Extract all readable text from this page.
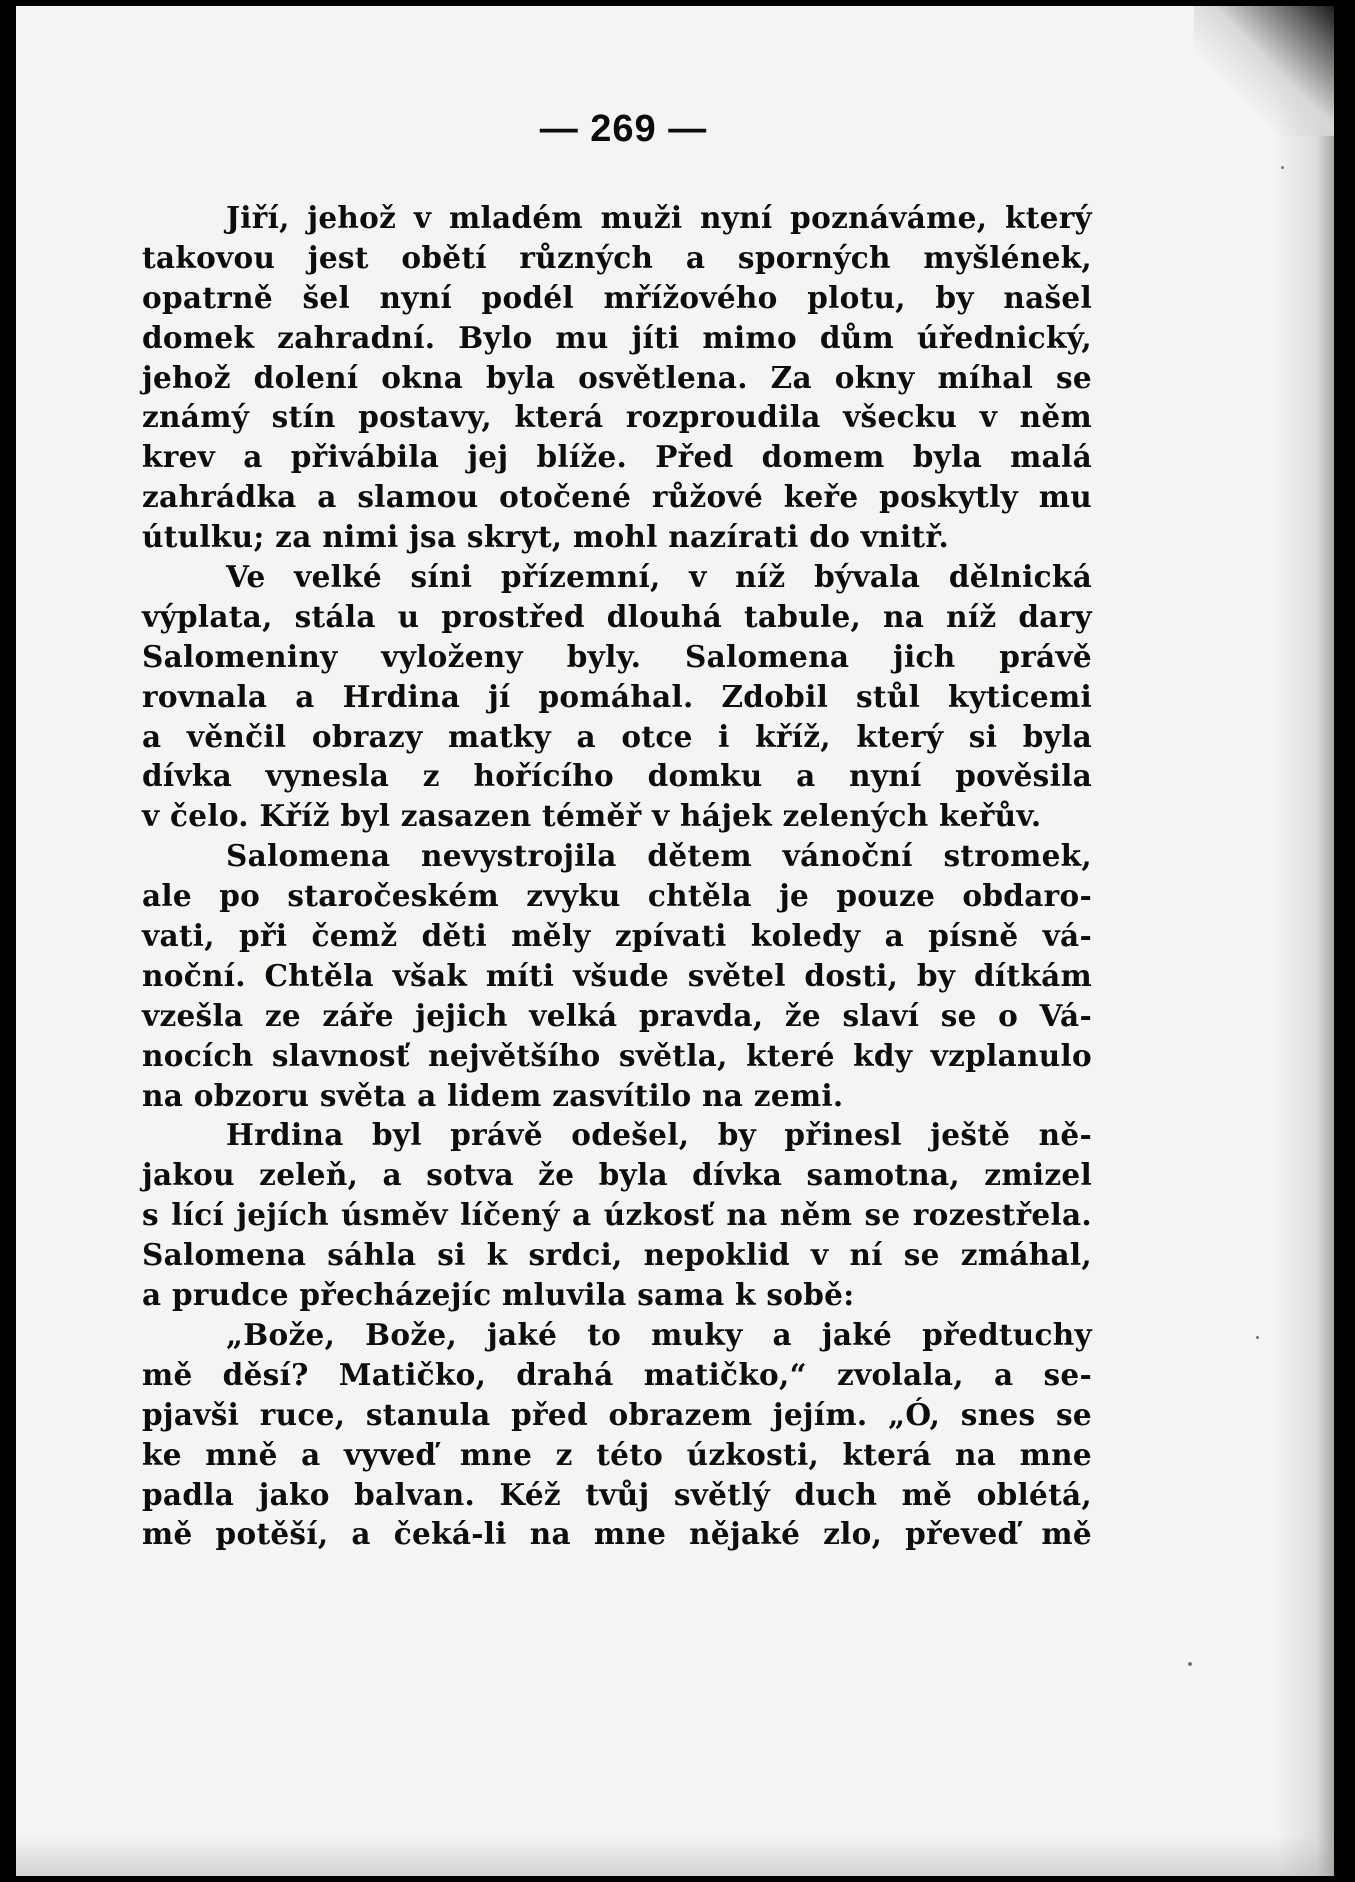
— 269 —
Jiří, jehož v mladém muži nyní poznáváme, který
takovou jest obětí různých a sporných myšlének,
opatrně šel nyní podél mřížového plotu, by našel
domek zahradní. Bylo mu jíti mimo dům úřednický,
jehož dolení okna byla osvětlena. Za okny míhal se
známý stín postavy, která rozproudila všecku v něm
krev a přivábila jej blíže. Před domem byla malá
zahrádka a slamou otočené růžové keře poskytly mu
útulku; za nimi jsa skryt, mohl nazírati do vnitř.
Ve velké síni přízemní, v níž bývala dělnická
výplata, stála u prostřed dlouhá tabule, na níž dary
Salomeniny vyloženy byly. Salomena jich právě
rovnala a Hrdina jí pomáhal. Zdobil stůl kyticemi
a věnčil obrazy matky a otce i kříž, který si byla
dívka vynesla z hořícího domku a nyní pověsila
v čelo. Kříž byl zasazen téměř v hájek zelených keřův.
Salomena nevystrojila dětem vánoční stromek,
ale po staročeském zvyku chtěla je pouze obdaro-
vati, při čemž děti měly zpívati koledy a písně vá-
noční. Chtěla však míti všude světel dosti, by dítkám
vzešla ze záře jejich velká pravda, že slaví se o Vá-
nocích slavnosť největšího světla, které kdy vzplanulo
na obzoru světa a lidem zasvítilo na zemi.
Hrdina byl právě odešel, by přinesl ještě ně-
jakou zeleň, a sotva že byla dívka samotna, zmizel
s lící jejích úsměv líčený a úzkosť na něm se rozestřela.
Salomena sáhla si k srdci, nepoklid v ní se zmáhal,
a prudce přecházejíc mluvila sama k sobě:
„Bože, Bože, jaké to muky a jaké předtuchy
mě děsí? Matičko, drahá matičko,“ zvolala, a se-
pjavši ruce, stanula před obrazem jejím. „Ó, snes se
ke mně a vyveď mne z této úzkosti, která na mne
padla jako balvan. Kéž tvůj světlý duch mě oblétá,
mě potěší, a čeká-li na mne nějaké zlo, převeď mě
